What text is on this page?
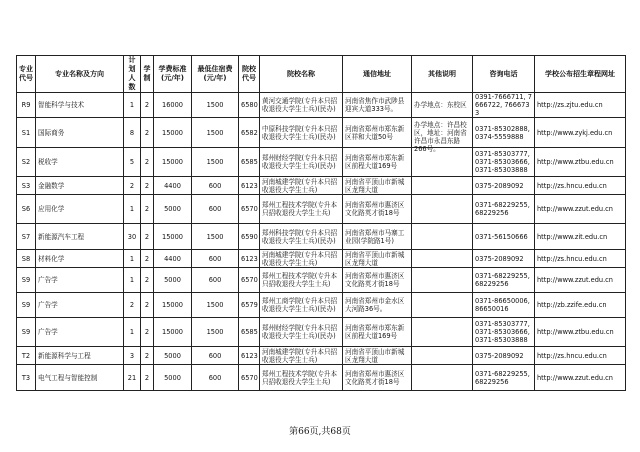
专业代号	专业名称及方向	计划人数	学制	学费标准(元/年)	最低住宿费(元/年)	院校代号	院校名称	通信地址	其他说明	咨询电话	学校公布招生章程网址

R9	智能科学与技术	1	2	16000	1500	6580	黄河交通学院(专升本只招收退役大学生士兵)(民办)	河南省焦作市武陟县迎宾大道333号。	办学地点：东校区	0391-7666711, 7666722, 7666733	http://zs.zjtu.edu.cn

S1	国际商务	8	2	15000	1500	6582	中原科技学院(专升本只招收退役大学生士兵)(民办)	河南省郑州市郑东新区祥和大道50号	办学地点：许昌校区，地址：河南省许昌市永昌东路266号。	0371-85302888, 0374-5559888	http://www.zykj.edu.cn

S2	税收学	5	2	15000	1500	6585	郑州财经学院(专升本只招收退役大学生士兵)(民办)	河南省郑州市郑东新区前程大道169号		0371-85303777, 0371-85303666, 0371-85303888	http://www.ztbu.edu.cn

S3	金融数学	2	2	4400	600	6123	河南城建学院(专升本只招收退役大学生士兵)	河南省平顶山市新城区龙翔大道		0375-2089092	http://zs.hncu.edu.cn

S6	应用化学	1	2	5000	600	6570	郑州工程技术学院(专升本只招收退役大学生士兵)	河南省郑州市惠济区文化路英才街18号		0371-68229255, 68229256	http://www.zzut.edu.cn

S7	新能源汽车工程	30	2	15000	1500	6590	郑州科技学院(专升本只招收退役大学生士兵)(民办)	河南省郑州市马寨工业园(学院路1号)		0371-56150666	http://www.zit.edu.cn

S8	材料化学	1	2	4400	600	6123	河南城建学院(专升本只招收退役大学生士兵)	河南省平顶山市新城区龙翔大道		0375-2089092	http://zs.hncu.edu.cn

S9	广告学	1	2	5000	600	6570	郑州工程技术学院(专升本只招收退役大学生士兵)	河南省郑州市惠济区文化路英才街18号		0371-68229255, 68229256	http://www.zzut.edu.cn

S9	广告学	2	2	15000	1500	6579	郑州工商学院(专升本只招收退役大学生士兵)(民办)	河南省郑州市金水区大河路36号。		0371-86650006, 86650016	http://zb.zzife.edu.cn

S9	广告学	1	2	15000	1500	6585	郑州财经学院(专升本只招收退役大学生士兵)(民办)	河南省郑州市郑东新区前程大道169号		0371-85303777, 0371-85303666, 0371-85303888	http://www.ztbu.edu.cn

T2	新能源科学与工程	3	2	5000	600	6123	河南城建学院(专升本只招收退役大学生士兵)	河南省平顶山市新城区龙翔大道		0375-2089092	http://zs.hncu.edu.cn

T3	电气工程与智能控制	21	2	5000	600	6570	郑州工程技术学院(专升本只招收退役大学生士兵)	河南省郑州市惠济区文化路英才街18号		0371-68229255, 68229256	http://www.zzut.edu.cn
第66页,共68页
